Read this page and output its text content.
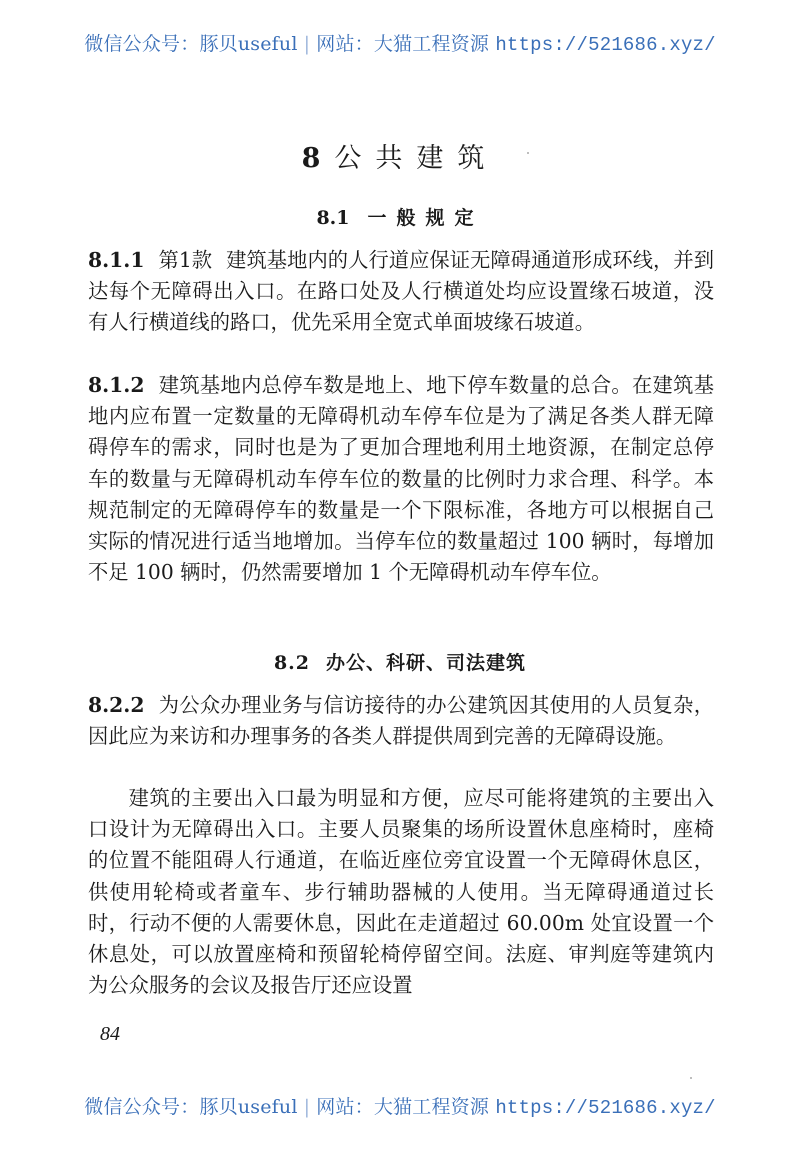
微信公众号：豚贝useful | 网站：大猫工程资源 https://521686.xyz/
8 公共建筑
8.1 一般规定
8.1.1 第1款 建筑基地内的人行道应保证无障碍通道形成环线，并到达每个无障碍出入口。在路口处及人行横道处均应设置缘石坡道，没有人行横道线的路口，优先采用全宽式单面坡缘石坡道。
8.1.2 建筑基地内总停车数是地上、地下停车数量的总合。在建筑基地内应布置一定数量的无障碍机动车停车位是为了满足各类人群无障碍停车的需求，同时也是为了更加合理地利用土地资源，在制定总停车的数量与无障碍机动车停车位的数量的比例时力求合理、科学。本规范制定的无障碍停车的数量是一个下限标准，各地方可以根据自己实际的情况进行适当地增加。当停车位的数量超过 100 辆时，每增加不足 100 辆时，仍然需要增加 1 个无障碍机动车停车位。
8.2 办公、科研、司法建筑
8.2.2 为公众办理业务与信访接待的办公建筑因其使用的人员复杂，因此应为来访和办理事务的各类人群提供周到完善的无障碍设施。
建筑的主要出入口最为明显和方便，应尽可能将建筑的主要出入口设计为无障碍出入口。主要人员聚集的场所设置休息座椅时，座椅的位置不能阻碍人行通道，在临近座位旁宜设置一个无障碍休息区，供使用轮椅或者童车、步行辅助器械的人使用。当无障碍通道过长时，行动不便的人需要休息，因此在走道超过 60.00m 处宜设置一个休息处，可以放置座椅和预留轮椅停留空间。法庭、审判庭等建筑内为公众服务的会议及报告厅还应设置
84
微信公众号：豚贝useful | 网站：大猫工程资源 https://521686.xyz/
